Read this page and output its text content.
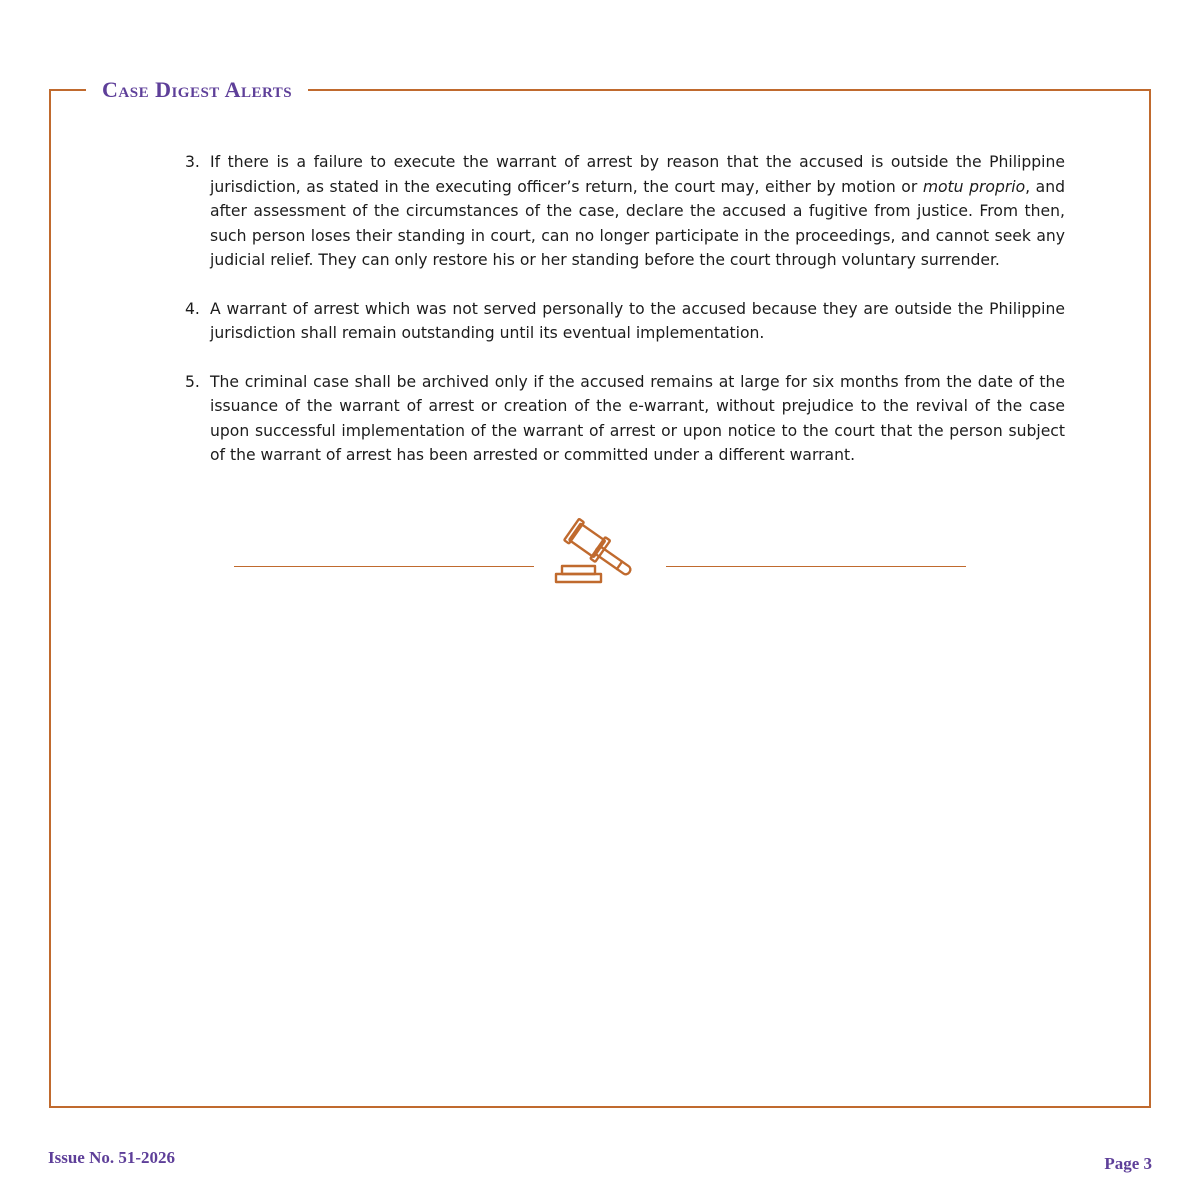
Case Digest Alerts
3. If there is a failure to execute the warrant of arrest by reason that the accused is outside the Philippine jurisdiction, as stated in the executing officer’s return, the court may, either by motion or motu proprio, and after assessment of the circumstances of the case, declare the accused a fugitive from justice. From then, such person loses their standing in court, can no longer participate in the proceedings, and cannot seek any judicial relief. They can only restore his or her standing before the court through voluntary surrender.
4. A warrant of arrest which was not served personally to the accused because they are outside the Philippine jurisdiction shall remain outstanding until its eventual implementation.
5. The criminal case shall be archived only if the accused remains at large for six months from the date of the issuance of the warrant of arrest or creation of the e-warrant, without prejudice to the revival of the case upon successful implementation of the warrant of arrest or upon notice to the court that the person subject of the warrant of arrest has been arrested or committed under a different warrant.
Issue No. 51-2026	Page 3
